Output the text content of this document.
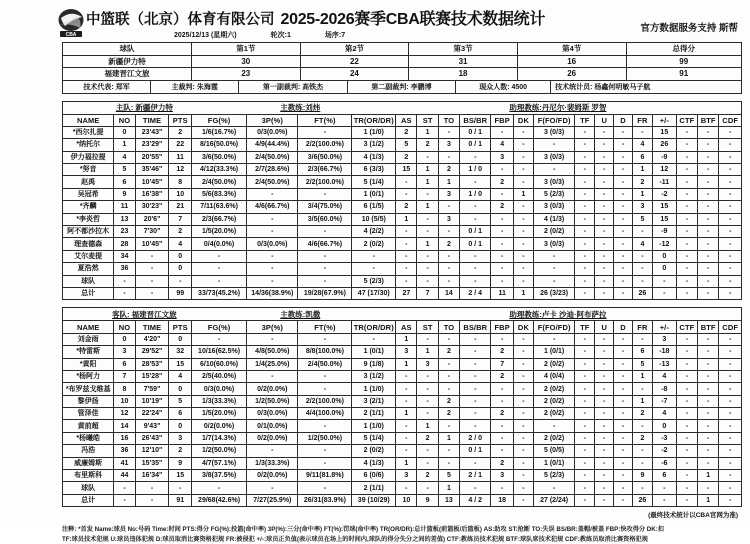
CBA
中篮联（北京）体育有限公司 2025-2026赛季CBA联赛技术数据统计
2025/12/13 (星期六)	轮次:1	场序:7
官方数据服务支持 斯帮
球队	第1节	第2节	第3节	第4节	总得分
新疆伊力特	30	22	31	16	99
福建晋江文旅	23	24	18	26	91
技术代表: 郑军	主裁判: 朱海霆	第一副裁判: 高铁杰	第二副裁判: 李鹏博	现众人数: 4500	技术统计员: 杨鑫何明敏马子航
主队: 新疆伊力特	主教练:刘炜	助理教练:丹尼尔·裴姆斯 罗智
NAME	NO	TIME	PTS	FG(%)	3P(%)	FT(%)	TR(OR/DR)	AS	ST	TO	BS/BR	FBP	DK	F(FO/FD)	TF	U	D	FR	+/-	CTF	BTF	CDF
*西尔扎提	0	23'43"	2	1/6(16.7%)	0/3(0.0%)	-	1 (1/0)	2	1	-	0 / 1	-	-	3 (0/3)	-	-	-	-	15	-	-	-
*纳托尔	1	23'29"	22	8/16(50.0%)	4/9(44.4%)	2/2(100.0%)	3 (1/2)	5	2	3	0 / 1	4	-	-	-	-	-	4	26	-	-	-
伊力福拉提	4	20'55"	11	3/6(50.0%)	2/4(50.0%)	3/6(50.0%)	4 (1/3)	2	-	-	-	3	-	3 (0/3)	-	-	-	6	-9	-	-	-
*努音	5	35'46"	12	4/12(33.3%)	2/7(28.6%)	2/3(66.7%)	6 (3/3)	15	1	2	1 / 0	-	-	-	-	-	-	1	12	-	-	-
赵禹	6	10'45"	8	2/4(50.0%)	2/4(50.0%)	2/2(100.0%)	5 (1/4)	-	1	1	-	2	-	3 (0/3)	-	-	-	2	-11	-	-	-
吴冠希	9	16'38"	10	5/6(83.3%)	-	-	1 (0/1)	-	-	3	1 / 0	-	1	5 (2/3)	-	-	-	1	-2	-	-	-
*齐麟	11	30'23"	21	7/11(63.6%)	4/6(66.7%)	3/4(75.0%)	6 (1/5)	2	1	-	-	2	-	3 (0/3)	-	-	-	3	15	-	-	-
*李炎哲	13	20'6"	7	2/3(66.7%)	-	3/5(60.0%)	10 (5/5)	1	-	3	-	-	-	4 (1/3)	-	-	-	5	15	-	-	-
阿不都沙拉木	23	7'30"	2	1/5(20.0%)	-	-	4 (2/2)	-	-	-	0 / 1	-	-	2 (0/2)	-	-	-	-	-9	-	-	-
理查德森	28	10'45"	4	0/4(0.0%)	0/3(0.0%)	4/6(66.7%)	2 (0/2)	-	1	2	0 / 1	-	-	3 (0/3)	-	-	-	4	-12	-	-	-
艾尔麦提	34	-	0	-	-	-	-	-	-	-	-	-	-	-	-	-	-	-	0	-	-	-
夏浩然	36	-	0	-	-	-	-	-	-	-	-	-	-	-	-	-	-	-	0	-	-	-
球队	-	-	-	-	-	-	5 (2/3)	-	-	-	-	-	-	-	-	-	-	-	-	-	-	-
总计	-	-	99	33/73(45.2%)	14/36(38.9%)	19/28(67.9%)	47 (17/30)	27	7	14	2 / 4	11	1	26 (3/23)	-	-	-	26	-	-	-	-
客队: 福建晋江文旅	主教练:凯撒	助理教练:卢卡 沙迪·阿布萨拉
NAME	NO	TIME	PTS	FG(%)	3P(%)	FT(%)	TR(OR/DR)	AS	ST	TO	BS/BR	FBP	DK	F(FO/FD)	TF	U	D	FR	+/-	CTF	BTF	CDF
刘金雨	0	4'20"	0	-	-	-	-	1	-	-	-	-	-	-	-	-	-	-	3	-	-	-
*特雷斯	3	29'52"	32	10/16(62.5%)	4/8(50.0%)	8/8(100.0%)	1 (0/1)	3	1	2	-	2	-	1 (0/1)	-	-	-	6	-18	-	-	-
*黄阳	6	28'53"	15	6/10(60.0%)	1/4(25.0%)	2/4(50.0%)	9 (1/8)	1	3	-	-	7	-	2 (0/2)	-	-	-	5	-13	-	-	-
*杨阿力	7	15'28"	4	2/5(40.0%)	-	-	3 (1/2)	-	-	-	-	2	-	4 (0/4)	-	-	-	1	4	-	-	-
*布罗兹戈维基	8	7'59"	0	0/3(0.0%)	0/2(0.0%)	-	1 (1/0)	-	-	-	-	-	-	2 (0/2)	-	-	-	-	-8	-	-	-
黎伊扬	10	10'19"	5	1/3(33.3%)	1/2(50.0%)	2/2(100.0%)	3 (2/1)	-	-	2	-	-	-	2 (0/2)	-	-	-	1	-7	-	-	-
管泽佳	12	22'24"	6	1/5(20.0%)	0/3(0.0%)	4/4(100.0%)	2 (1/1)	1	-	2	-	2	-	2 (0/2)	-	-	-	2	4	-	-	-
黄前超	14	9'43"	0	0/2(0.0%)	0/1(0.0%)	-	1 (1/0)	-	1	-	-	-	-	-	-	-	-	-	0	-	-	-
*杨曦皓	16	26'43"	3	1/7(14.3%)	0/2(0.0%)	1/2(50.0%)	5 (1/4)	-	2	1	2 / 0	-	-	2 (0/2)	-	-	-	2	-3	-	-	-
冯浩	36	12'10"	2	1/2(50.0%)	-	-	2 (0/2)	-	-	-	0 / 1	-	-	5 (0/5)	-	-	-	-	-2	-	-	-
威廉姆斯	41	15'35"	9	4/7(57.1%)	1/3(33.3%)	-	4 (1/3)	1	-	-	-	2	-	1 (0/1)	-	-	-	-	-6	-	-	-
布里斯科	44	16'34"	15	3/8(37.5%)	0/2(0.0%)	9/11(81.8%)	6 (0/6)	3	2	5	2 / 1	3	-	5 (2/3)	-	-	-	9	6	-	1	-
球队	-	-	-	-	-	-	2 (1/1)	-	-	1	-	-	-	-	-	-	-	-	-	-	-	-
总计	-	-	91	29/68(42.6%)	7/27(25.9%)	26/31(83.9%)	39 (10/29)	10	9	13	4 / 2	18	-	27 (2/24)	-	-	-	26	-	-	1	-
(最终技术统计以CBA官网为准)
注释: *首发 Name:球员 No:号码 Time:时间 PTS:得分 FG(%):投篮(命中率) 3P(%):三分(命中率) FT(%):罚球(命中率) TR(OR/DR):总计篮板(前篮板/后篮板) AS:助攻 ST:抢断 TO:失误 BS/BR:盖帽/被盖 FBP:快攻得分 DK:扣
TF:球员技术犯规 U:球员违体犯规 D:球员取消比赛资格犯规 FR:被侵犯 +/-:球员正负值(表示球员在场上的时间内,球队的得分失分之间的差值) CTF:教练员技术犯规 BTF:球队席技术犯规 CDF:教练员取消比赛资格犯规
